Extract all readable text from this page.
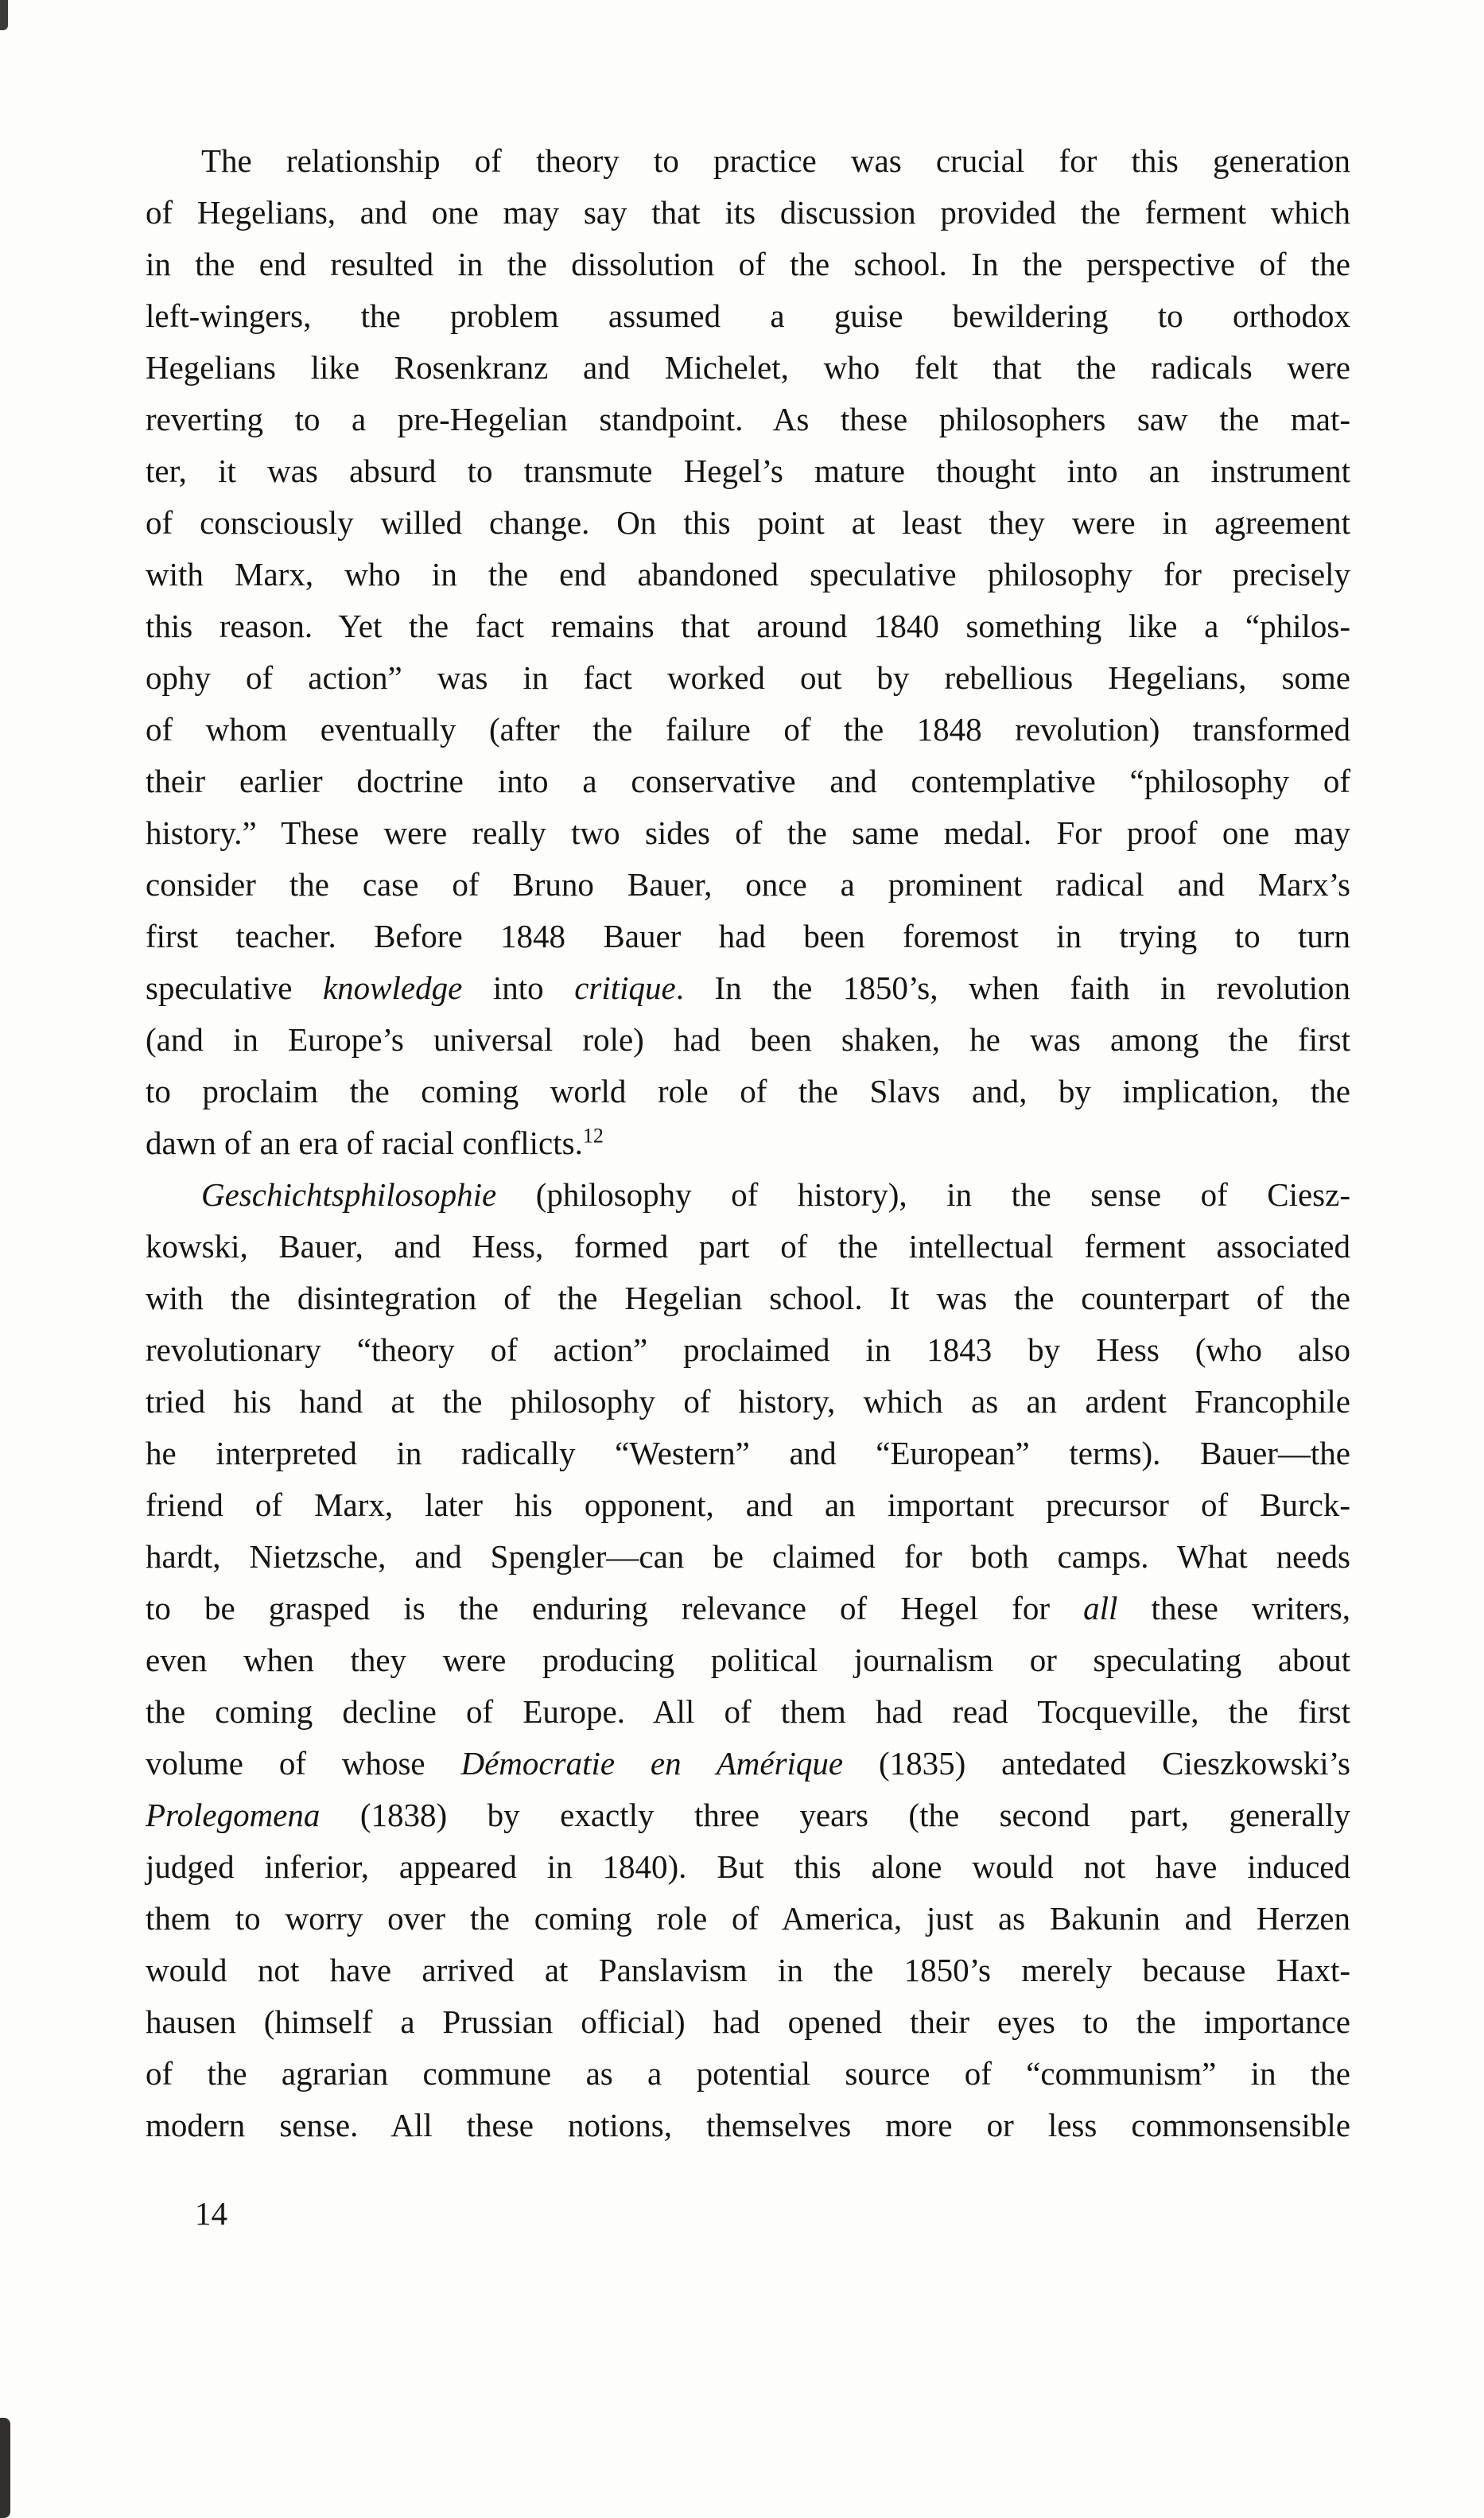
The relationship of theory to practice was crucial for this generation
of Hegelians, and one may say that its discussion provided the ferment which
in the end resulted in the dissolution of the school. In the perspective of the
left-wingers, the problem assumed a guise bewildering to orthodox
Hegelians like Rosenkranz and Michelet, who felt that the radicals were
reverting to a pre-Hegelian standpoint. As these philosophers saw the mat-
ter, it was absurd to transmute Hegel’s mature thought into an instrument
of consciously willed change. On this point at least they were in agreement
with Marx, who in the end abandoned speculative philosophy for precisely
this reason. Yet the fact remains that around 1840 something like a “philos-
ophy of action” was in fact worked out by rebellious Hegelians, some
of whom eventually (after the failure of the 1848 revolution) transformed
their earlier doctrine into a conservative and contemplative “philosophy of
history.” These were really two sides of the same medal. For proof one may
consider the case of Bruno Bauer, once a prominent radical and Marx’s
first teacher. Before 1848 Bauer had been foremost in trying to turn
speculative knowledge into critique. In the 1850’s, when faith in revolution
(and in Europe’s universal role) had been shaken, he was among the first
to proclaim the coming world role of the Slavs and, by implication, the
dawn of an era of racial conflicts.$^{12}$
Geschichtsphilosophie (philosophy of history), in the sense of Ciesz-
kowski, Bauer, and Hess, formed part of the intellectual ferment associated
with the disintegration of the Hegelian school. It was the counterpart of the
revolutionary “theory of action” proclaimed in 1843 by Hess (who also
tried his hand at the philosophy of history, which as an ardent Francophile
he interpreted in radically “Western” and “European” terms). Bauer—the
friend of Marx, later his opponent, and an important precursor of Burck-
hardt, Nietzsche, and Spengler—can be claimed for both camps. What needs
to be grasped is the enduring relevance of Hegel for all these writers,
even when they were producing political journalism or speculating about
the coming decline of Europe. All of them had read Tocqueville, the first
volume of whose Démocratie en Amérique (1835) antedated Cieszkowski’s
Prolegomena (1838) by exactly three years (the second part, generally
judged inferior, appeared in 1840). But this alone would not have induced
them to worry over the coming role of America, just as Bakunin and Herzen
would not have arrived at Panslavism in the 1850’s merely because Haxt-
hausen (himself a Prussian official) had opened their eyes to the importance
of the agrarian commune as a potential source of “communism” in the
modern sense. All these notions, themselves more or less commonsensible
14
